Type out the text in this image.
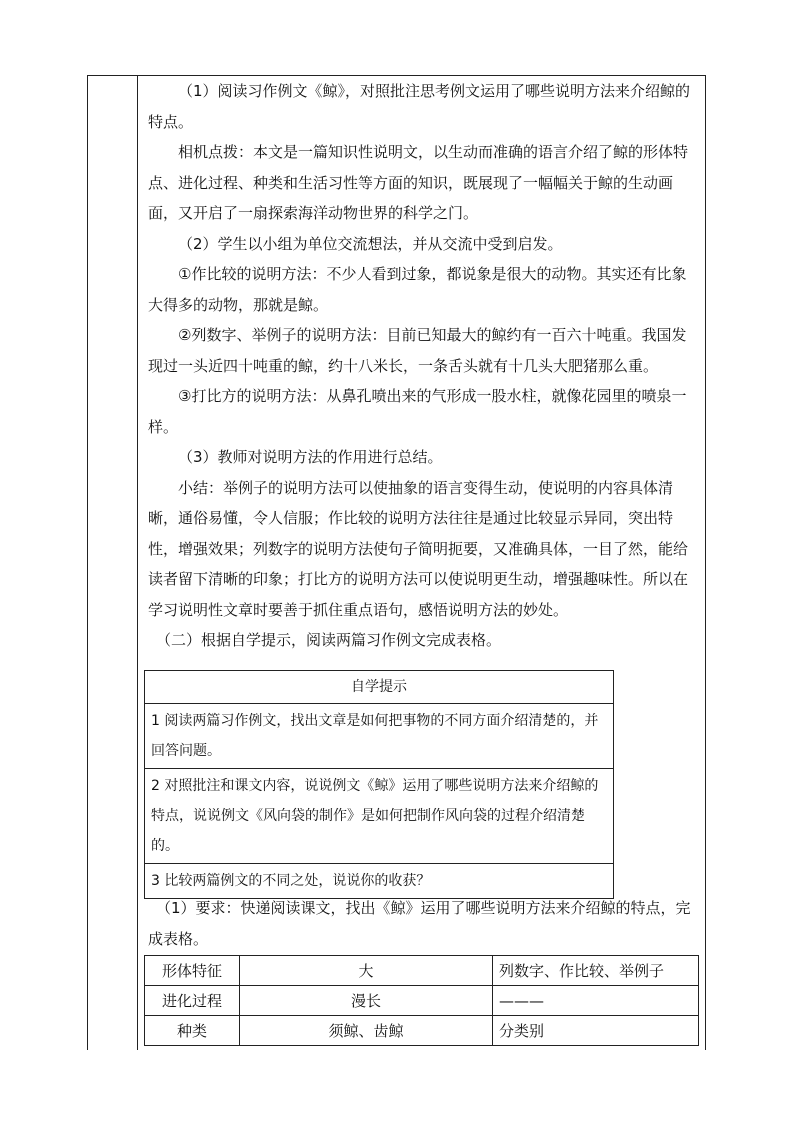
（1）阅读习作例文《鲸》，对照批注思考例文运用了哪些说明方法来介绍鲸的特点。

相机点拨：本文是一篇知识性说明文，以生动而准确的语言介绍了鲸的形体特点、进化过程、种类和生活习性等方面的知识，既展现了一幅幅关于鲸的生动画面，又开启了一扇探索海洋动物世界的科学之门。

（2）学生以小组为单位交流想法，并从交流中受到启发。

①作比较的说明方法：不少人看到过象，都说象是很大的动物。其实还有比象大得多的动物，那就是鲸。

②列数字、举例子的说明方法：目前已知最大的鲸约有一百六十吨重。我国发现过一头近四十吨重的鲸，约十八米长，一条舌头就有十几头大肥猪那么重。

③打比方的说明方法：从鼻孔喷出来的气形成一股水柱，就像花园里的喷泉一样。

（3）教师对说明方法的作用进行总结。

小结：举例子的说明方法可以使抽象的语言变得生动，使说明的内容具体清晰，通俗易懂，令人信服；作比较的说明方法往往是通过比较显示异同，突出特性，增强效果；列数字的说明方法使句子简明扼要，又准确具体，一目了然，能给读者留下清晰的印象；打比方的说明方法可以使说明更生动，增强趣味性。所以在学习说明性文章时要善于抓住重点语句，感悟说明方法的妙处。

（二）根据自学提示，阅读两篇习作例文完成表格。

自学提示
1 阅读两篇习作例文，找出文章是如何把事物的不同方面介绍清楚的，并回答问题。
2 对照批注和课文内容，说说例文《鲸》运用了哪些说明方法来介绍鲸的特点，说说例文《风向袋的制作》是如何把制作风向袋的过程介绍清楚的。
3 比较两篇例文的不同之处，说说你的收获？

（1）要求：快递阅读课文，找出《鲸》运用了哪些说明方法来介绍鲸的特点，完成表格。

形体特征	大	列数字、作比较、举例子
进化过程	漫长	———
种类	须鲸、齿鲸	分类别
